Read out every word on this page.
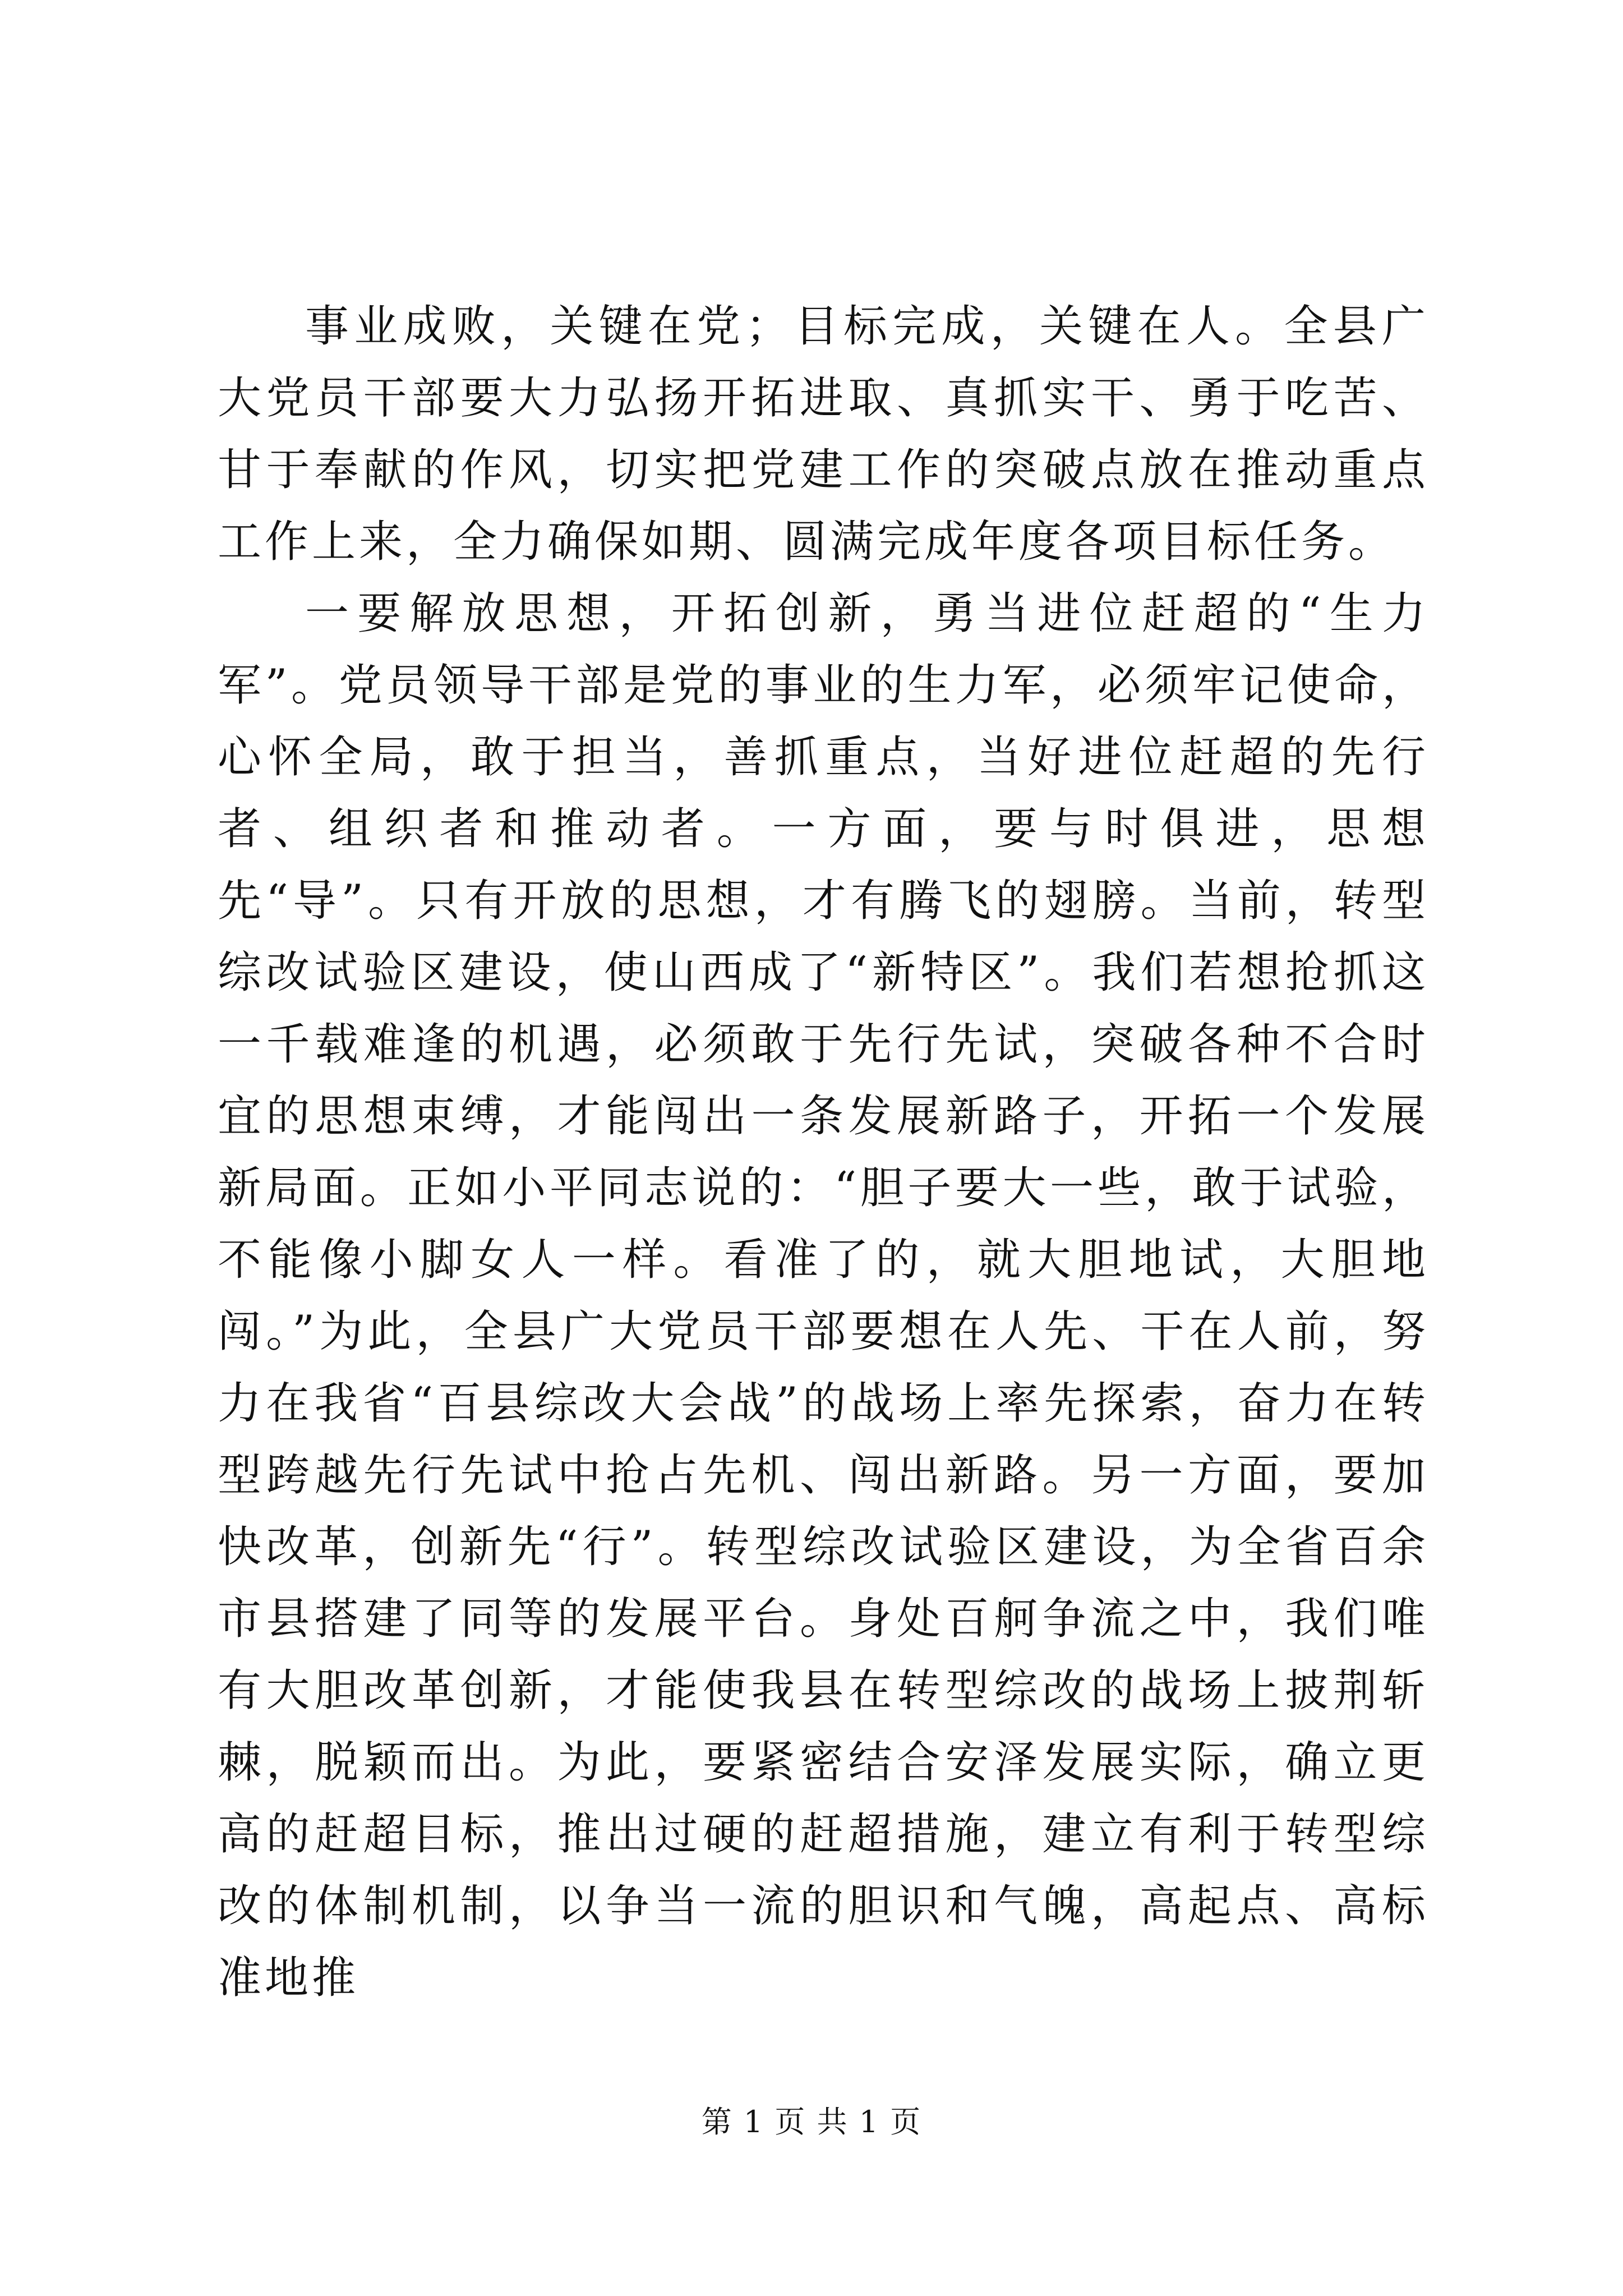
事业成败，关键在党；目标完成，关键在人。全县广大党员干部要大力弘扬开拓进取、真抓实干、勇于吃苦、甘于奉献的作风，切实把党建工作的突破点放在推动重点工作上来，全力确保如期、圆满完成年度各项目标任务。

一要解放思想，开拓创新，勇当进位赶超的“生力军”。党员领导干部是党的事业的生力军，必须牢记使命，心怀全局，敢于担当，善抓重点，当好进位赶超的先行者、组织者和推动者。一方面，要与时俱进，思想先“导”。只有开放的思想，才有腾飞的翅膀。当前，转型综改试验区建设，使山西成了“新特区”。我们若想抢抓这一千载难逢的机遇，必须敢于先行先试，突破各种不合时宜的思想束缚，才能闯出一条发展新路子，开拓一个发展新局面。正如小平同志说的：“胆子要大一些，敢于试验，不能像小脚女人一样。看准了的，就大胆地试，大胆地闯。”为此，全县广大党员干部要想在人先、干在人前，努力在我省“百县综改大会战”的战场上率先探索，奋力在转型跨越先行先试中抢占先机、闯出新路。另一方面，要加快改革，创新先“行”。转型综改试验区建设，为全省百余市县搭建了同等的发展平台。身处百舸争流之中，我们唯有大胆改革创新，才能使我县在转型综改的战场上披荆斩棘，脱颖而出。为此，要紧密结合安泽发展实际，确立更高的赶超目标，推出过硬的赶超措施，建立有利于转型综改的体制机制，以争当一流的胆识和气魄，高起点、高标准地推

第 1 页 共 1 页
